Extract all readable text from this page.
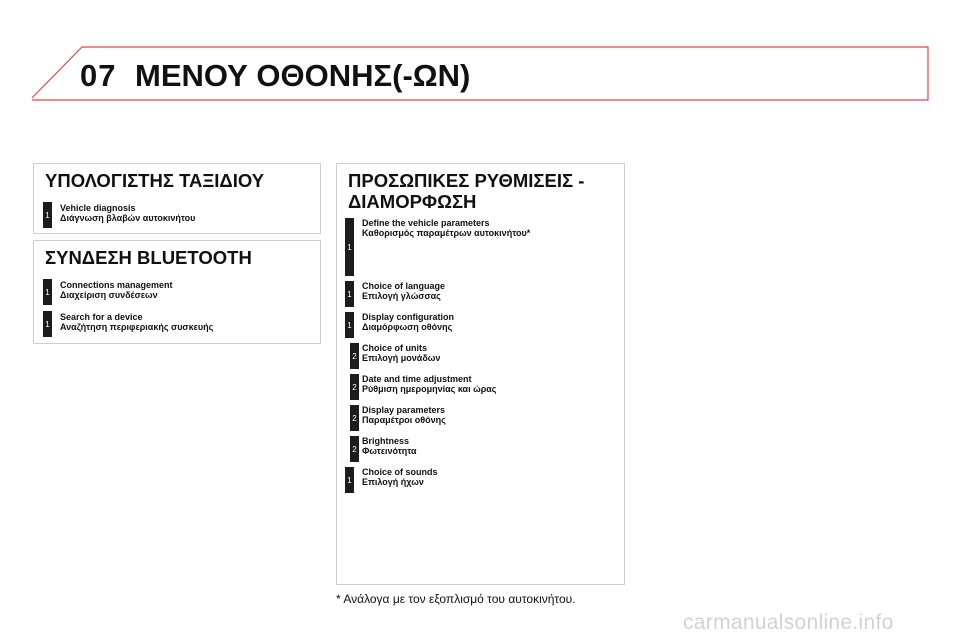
07 ΜΕΝΟΥ ΟΘΟΝΗΣ(-ΩΝ)
ΥΠΟΛΟΓΙΣΤΗΣ ΤΑΞΙΔΙΟΥ
1
Vehicle diagnosis
Διάγνωση βλαβών αυτοκινήτου
ΣΥΝΔΕΣΗ BLUETOOTH
1
Connections management
Διαχείριση συνδέσεων
1
Search for a device
Αναζήτηση περιφεριακής συσκευής
ΠΡΟΣΩΠΙΚΕΣ ΡΥΘΜΙΣΕΙΣ -
ΔΙΑΜΟΡΦΩΣΗ
1
Define the vehicle parameters
Καθορισμός παραμέτρων αυτοκινήτου*
1
Choice of language
Επιλογή γλώσσας
1
Display configuration
Διαμόρφωση οθόνης
2
Choice of units
Επιλογή μονάδων
2
Date and time adjustment
Ρύθμιση ημερομηνίας και ώρας
2
Display parameters
Παραμέτροι οθόνης
2
Brightness
Φωτεινότητα
1
Choice of sounds
Επιλογή ήχων
* Ανάλογα με τον εξοπλισμό του αυτοκινήτου.
carmanualsonline.info
